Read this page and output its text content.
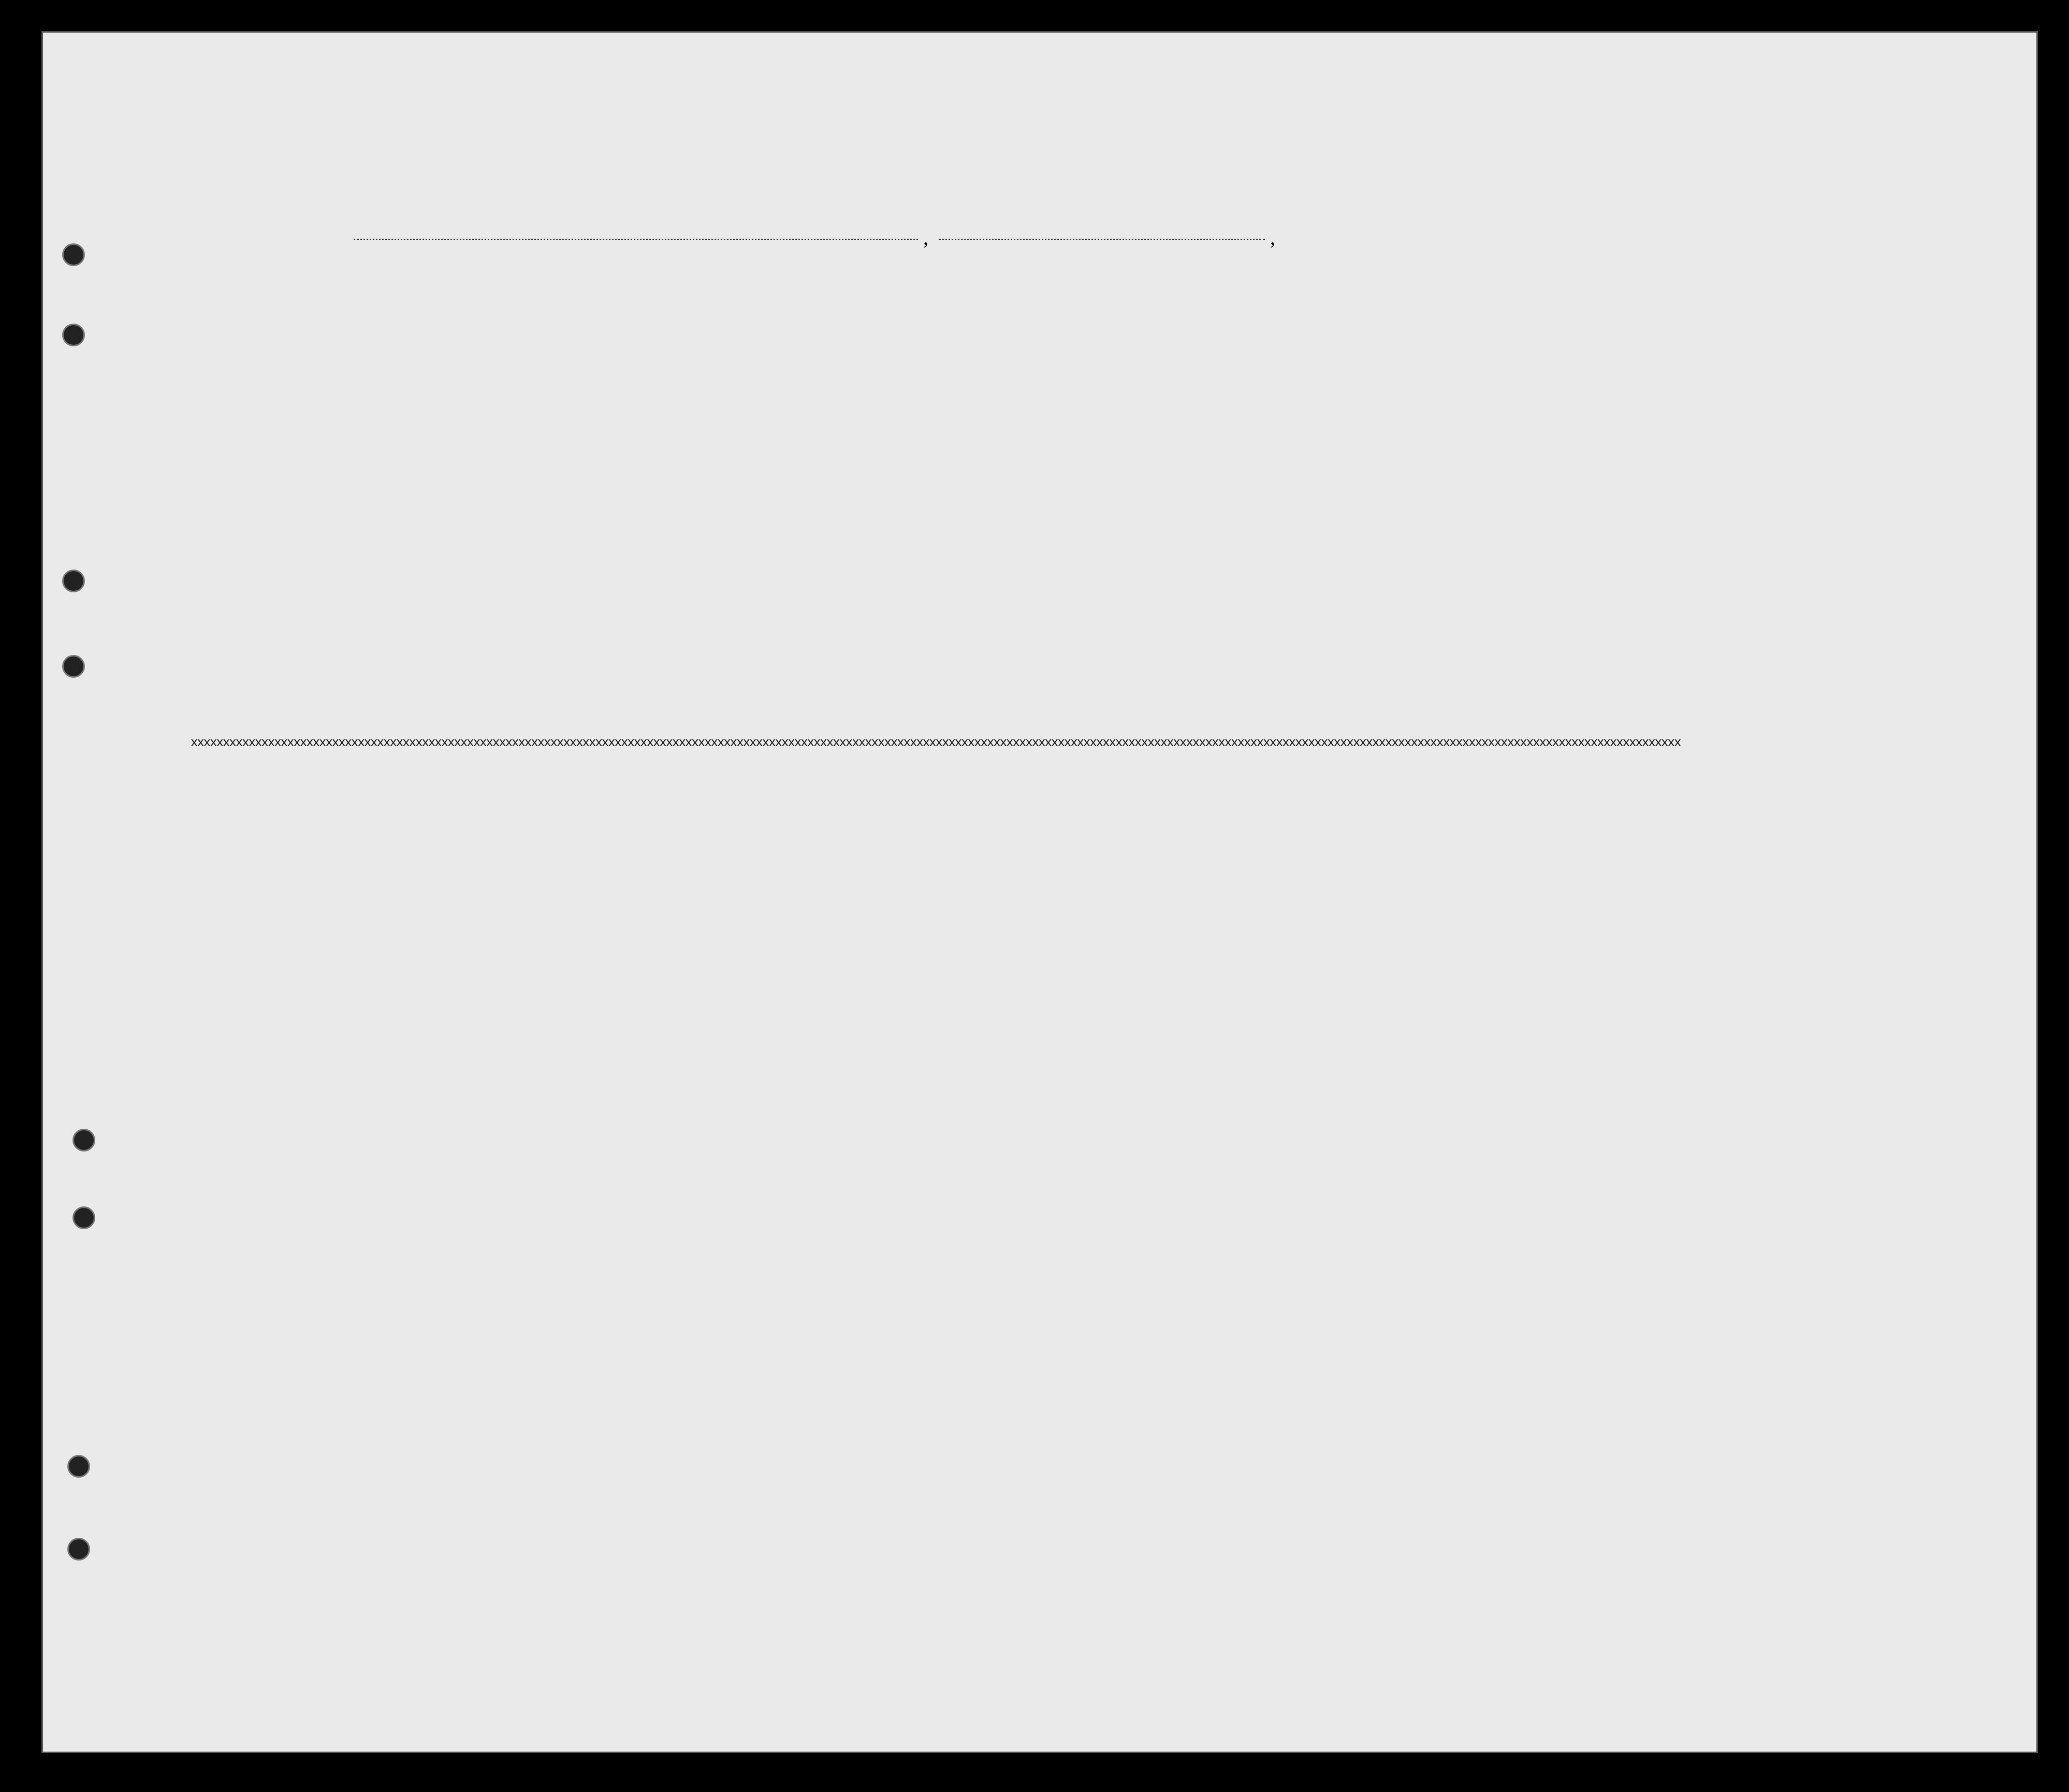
,	,
xxxxxxxxxxxxxxxxxxxxxxxxxxxxxxxxxxxxxxxxxxxxxxxxxxxxxxxxxxxxxxxxxxxxxxxxxxxxxxxxxxxxxxxxxxxxxxxxxxxxxxxxxxxxxxxxxxxxxxxxxxxxxxxxxxxxxxxxxxxxxxxxxxxxxxxxxxxxxxxxxxxxxxxxxxxxxxxxxxxxxxxxxxxxxxxxxxxxxxxxxxxxxxxxxxxxxxxxxxxxxxxxxxxxxxxx
